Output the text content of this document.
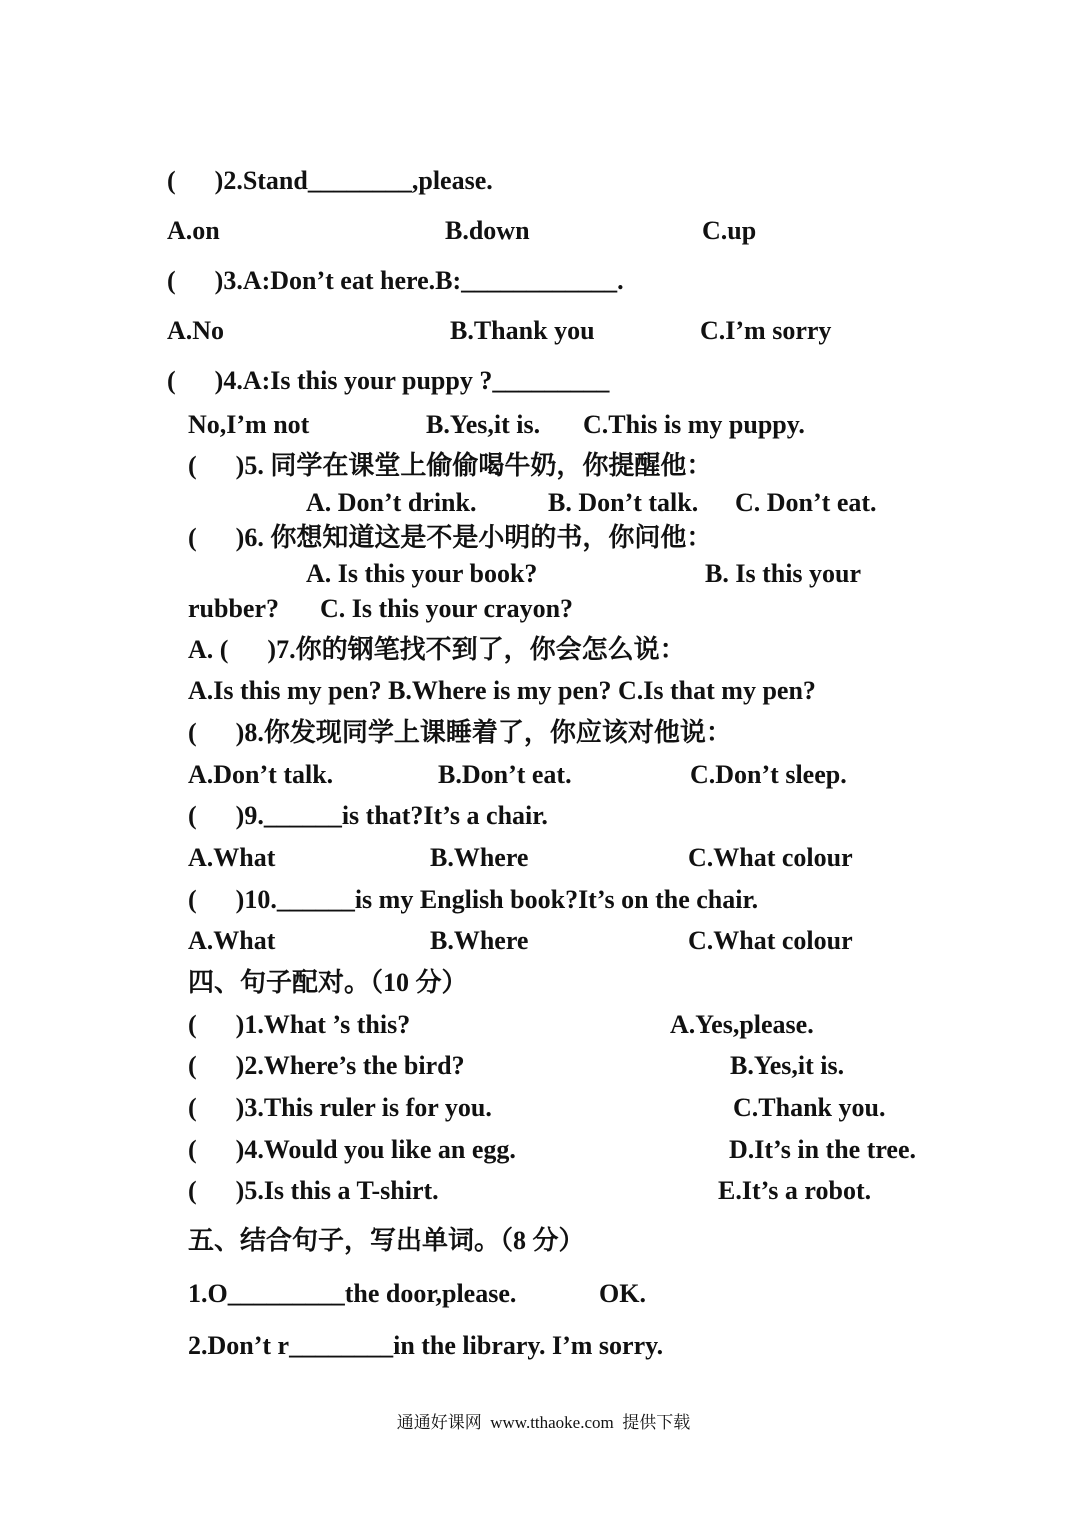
(      )2.Stand________,please.
A.on	B.down	C.up
(      )3.A:Don’t eat here.B:____________.
A.No	B.Thank you	C.I’m sorry
(      )4.A:Is this your puppy ?_________
No,I’m not	B.Yes,it is. C.This is my puppy.
(      )5. 同学在课堂上偷偷喝牛奶，你提醒他：
A. Don’t drink.	B. Don’t talk. C. Don’t eat.
(      )6. 你想知道这是不是小明的书，你问他：
A. Is this your book?	B. Is this your
rubber? C. Is this your crayon?
A. (      )7.你的钢笔找不到了，你会怎么说：
A.Is this my pen? B.Where is my pen? C.Is that my pen?
(      )8.你发现同学上课睡着了，你应该对他说：
A.Don’t talk.	B.Don’t eat.	C.Don’t sleep.
(      )9.______is that?It’s a chair.
A.What	B.Where	C.What colour
(      )10.______is my English book?It’s on the chair.
A.What	B.Where	C.What colour
四、句子配对。（10 分）
(      )1.What ’s this?	A.Yes,please.
(      )2.Where’s the bird?	B.Yes,it is.
(      )3.This ruler is for you.	C.Thank you.
(      )4.Would you like an egg.	D.It’s in the tree.
(      )5.Is this a T-shirt.	E.It’s a robot.
五、结合句子，写出单词。（8 分）
1.O_________the door,please.	OK.
2.Don’t r________in the library. I’m sorry.
通通好课网  www.tthaoke.com  提供下载
